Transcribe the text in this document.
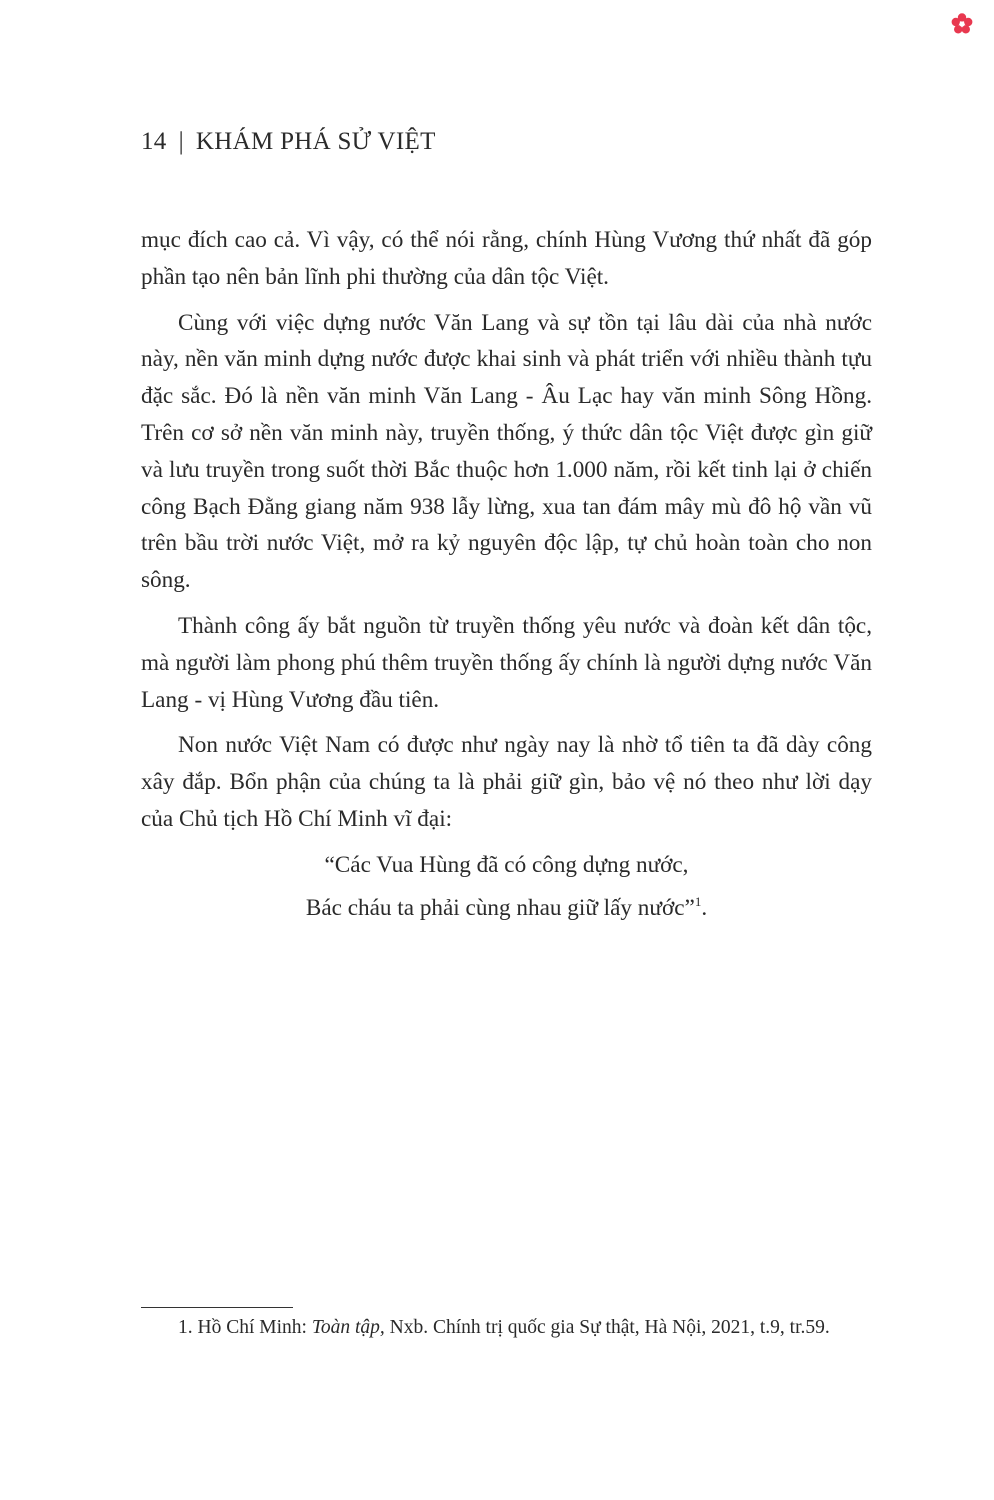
14 | KHÁM PHÁ SỬ VIỆT

mục đích cao cả. Vì vậy, có thể nói rằng, chính Hùng Vương thứ nhất đã góp phần tạo nên bản lĩnh phi thường của dân tộc Việt.

Cùng với việc dựng nước Văn Lang và sự tồn tại lâu dài của nhà nước này, nền văn minh dựng nước được khai sinh và phát triển với nhiều thành tựu đặc sắc. Đó là nền văn minh Văn Lang - Âu Lạc hay văn minh Sông Hồng. Trên cơ sở nền văn minh này, truyền thống, ý thức dân tộc Việt được gìn giữ và lưu truyền trong suốt thời Bắc thuộc hơn 1.000 năm, rồi kết tinh lại ở chiến công Bạch Đằng giang năm 938 lẫy lừng, xua tan đám mây mù đô hộ vần vũ trên bầu trời nước Việt, mở ra kỷ nguyên độc lập, tự chủ hoàn toàn cho non sông.

Thành công ấy bắt nguồn từ truyền thống yêu nước và đoàn kết dân tộc, mà người làm phong phú thêm truyền thống ấy chính là người dựng nước Văn Lang - vị Hùng Vương đầu tiên.

Non nước Việt Nam có được như ngày nay là nhờ tổ tiên ta đã dày công xây đắp. Bổn phận của chúng ta là phải giữ gìn, bảo vệ nó theo như lời dạy của Chủ tịch Hồ Chí Minh vĩ đại:

“Các Vua Hùng đã có công dựng nước,
Bác cháu ta phải cùng nhau giữ lấy nước”$^1$.
1. Hồ Chí Minh: Toàn tập, Nxb. Chính trị quốc gia Sự thật, Hà Nội, 2021, t.9, tr.59.
